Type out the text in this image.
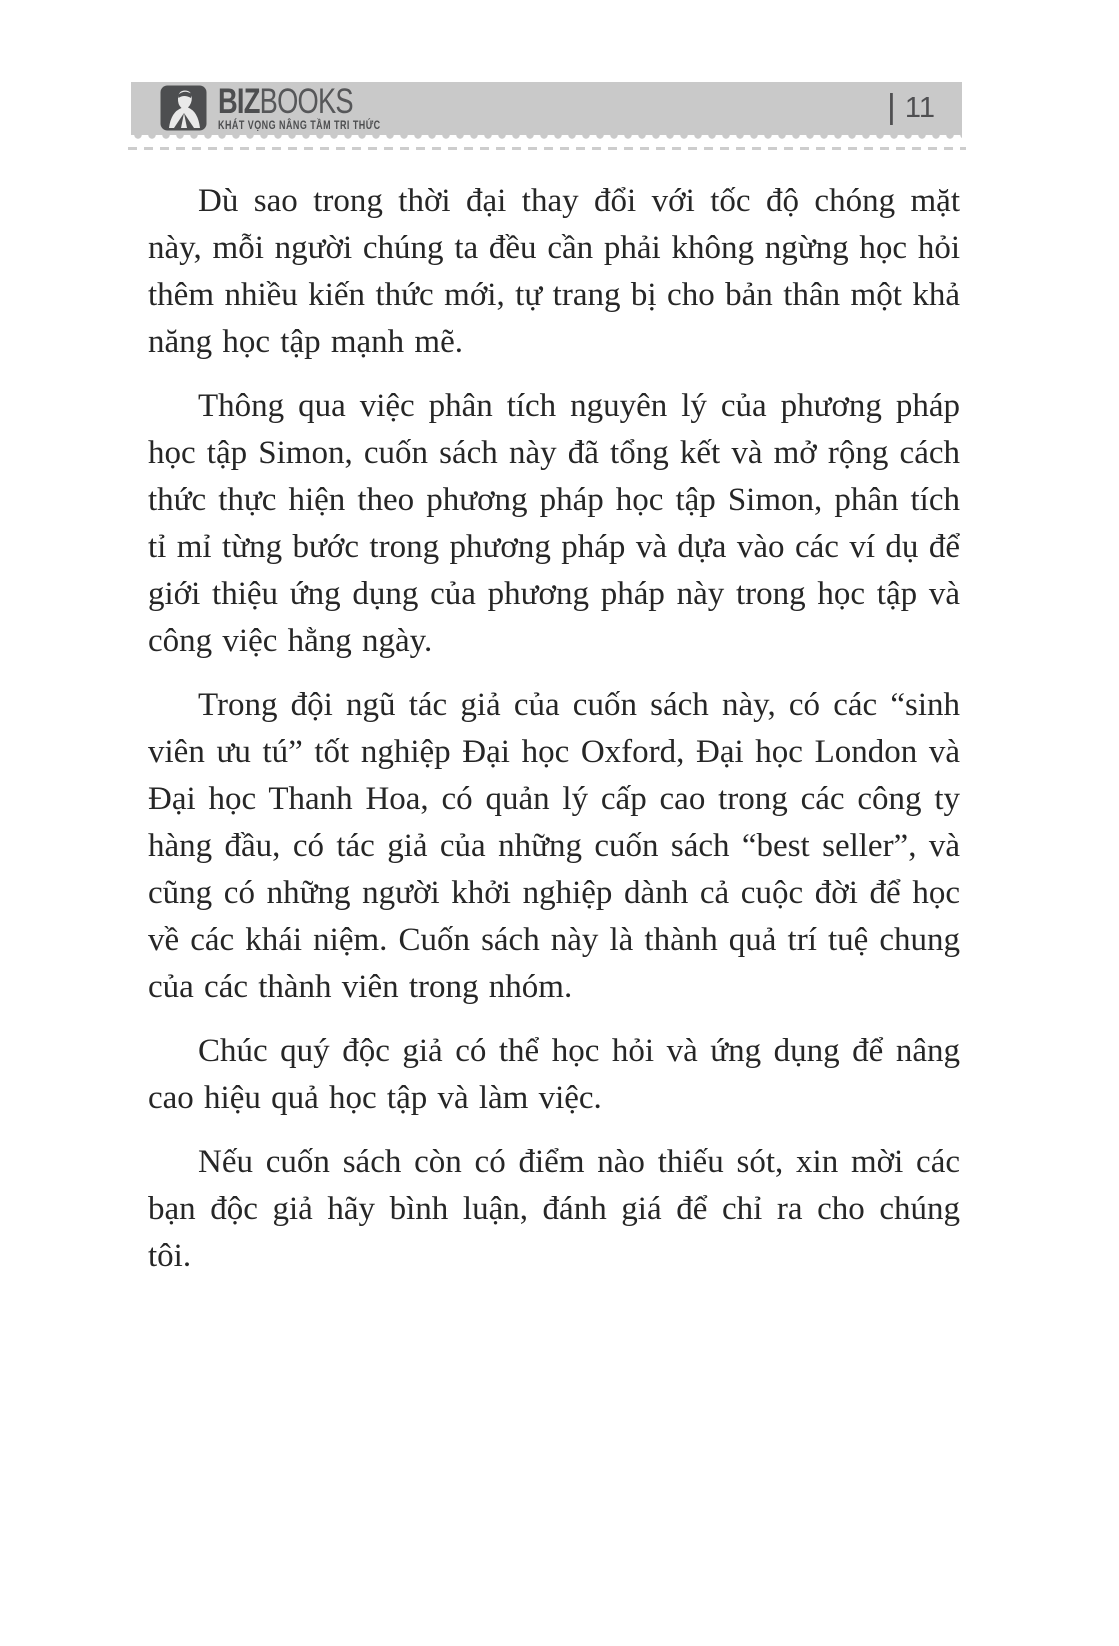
BIZBOOKS
KHÁT VỌNG NÂNG TẦM TRI THỨC	| 11

Dù sao trong thời đại thay đổi với tốc độ chóng mặt này, mỗi người chúng ta đều cần phải không ngừng học hỏi thêm nhiều kiến thức mới, tự trang bị cho bản thân một khả năng học tập mạnh mẽ.

Thông qua việc phân tích nguyên lý của phương pháp học tập Simon, cuốn sách này đã tổng kết và mở rộng cách thức thực hiện theo phương pháp học tập Simon, phân tích tỉ mỉ từng bước trong phương pháp và dựa vào các ví dụ để giới thiệu ứng dụng của phương pháp này trong học tập và công việc hằng ngày.

Trong đội ngũ tác giả của cuốn sách này, có các “sinh viên ưu tú” tốt nghiệp Đại học Oxford, Đại học London và Đại học Thanh Hoa, có quản lý cấp cao trong các công ty hàng đầu, có tác giả của những cuốn sách “best seller”, và cũng có những người khởi nghiệp dành cả cuộc đời để học về các khái niệm. Cuốn sách này là thành quả trí tuệ chung của các thành viên trong nhóm.

Chúc quý độc giả có thể học hỏi và ứng dụng để nâng cao hiệu quả học tập và làm việc.

Nếu cuốn sách còn có điểm nào thiếu sót, xin mời các bạn độc giả hãy bình luận, đánh giá để chỉ ra cho chúng tôi.
